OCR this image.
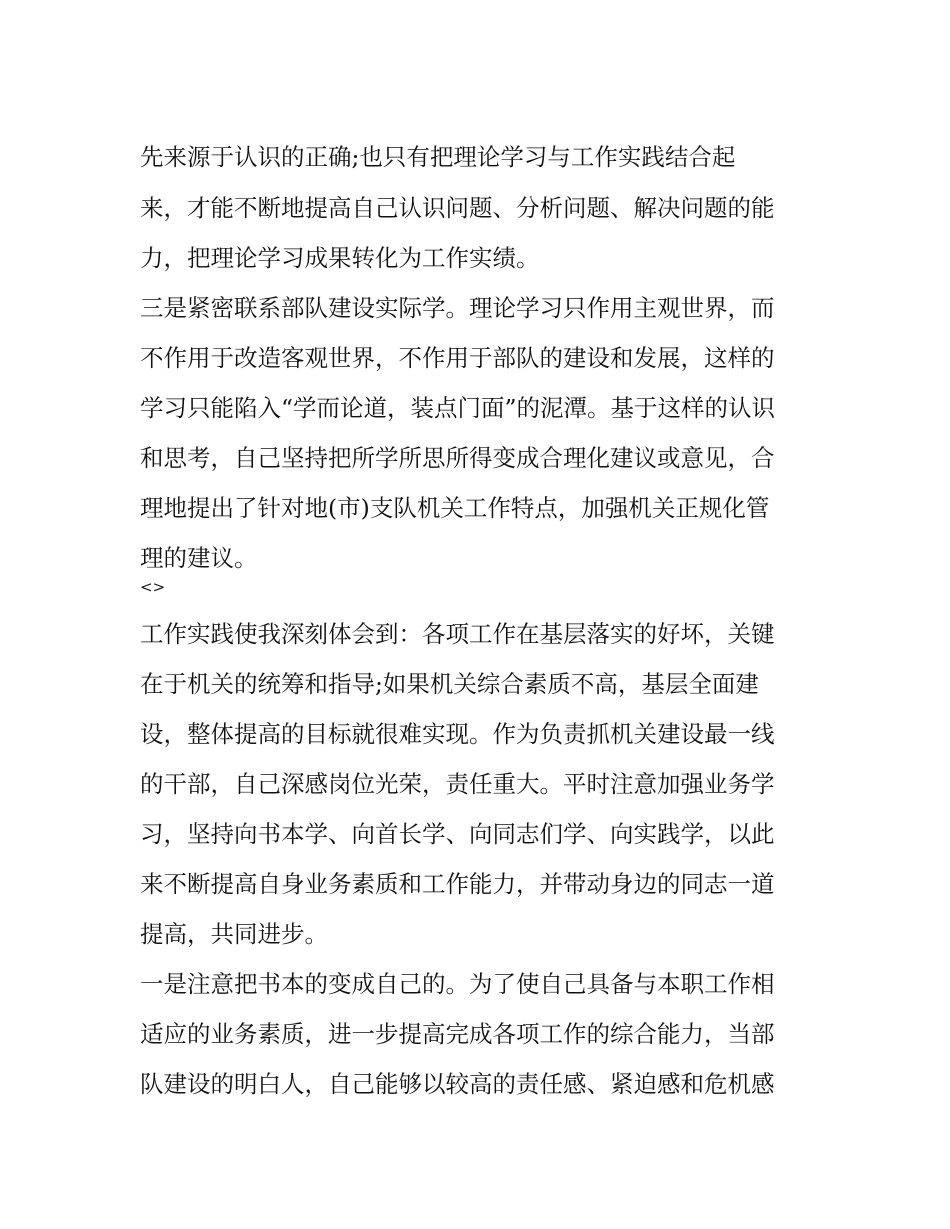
先来源于认识的正确;也只有把理论学习与工作实践结合起
来，才能不断地提高自己认识问题、分析问题、解决问题的能
力，把理论学习成果转化为工作实绩。
三是紧密联系部队建设实际学。理论学习只作用主观世界，而
不作用于改造客观世界，不作用于部队的建设和发展，这样的
学习只能陷入“学而论道，装点门面”的泥潭。基于这样的认识
和思考，自己坚持把所学所思所得变成合理化建议或意见，合
理地提出了针对地(市)支队机关工作特点，加强机关正规化管
理的建议。
<>
工作实践使我深刻体会到：各项工作在基层落实的好坏，关键
在于机关的统筹和指导;如果机关综合素质不高，基层全面建
设，整体提高的目标就很难实现。作为负责抓机关建设最一线
的干部，自己深感岗位光荣，责任重大。平时注意加强业务学
习，坚持向书本学、向首长学、向同志们学、向实践学，以此
来不断提高自身业务素质和工作能力，并带动身边的同志一道
提高，共同进步。
一是注意把书本的变成自己的。为了使自己具备与本职工作相
适应的业务素质，进一步提高完成各项工作的综合能力，当部
队建设的明白人，自己能够以较高的责任感、紧迫感和危机感
